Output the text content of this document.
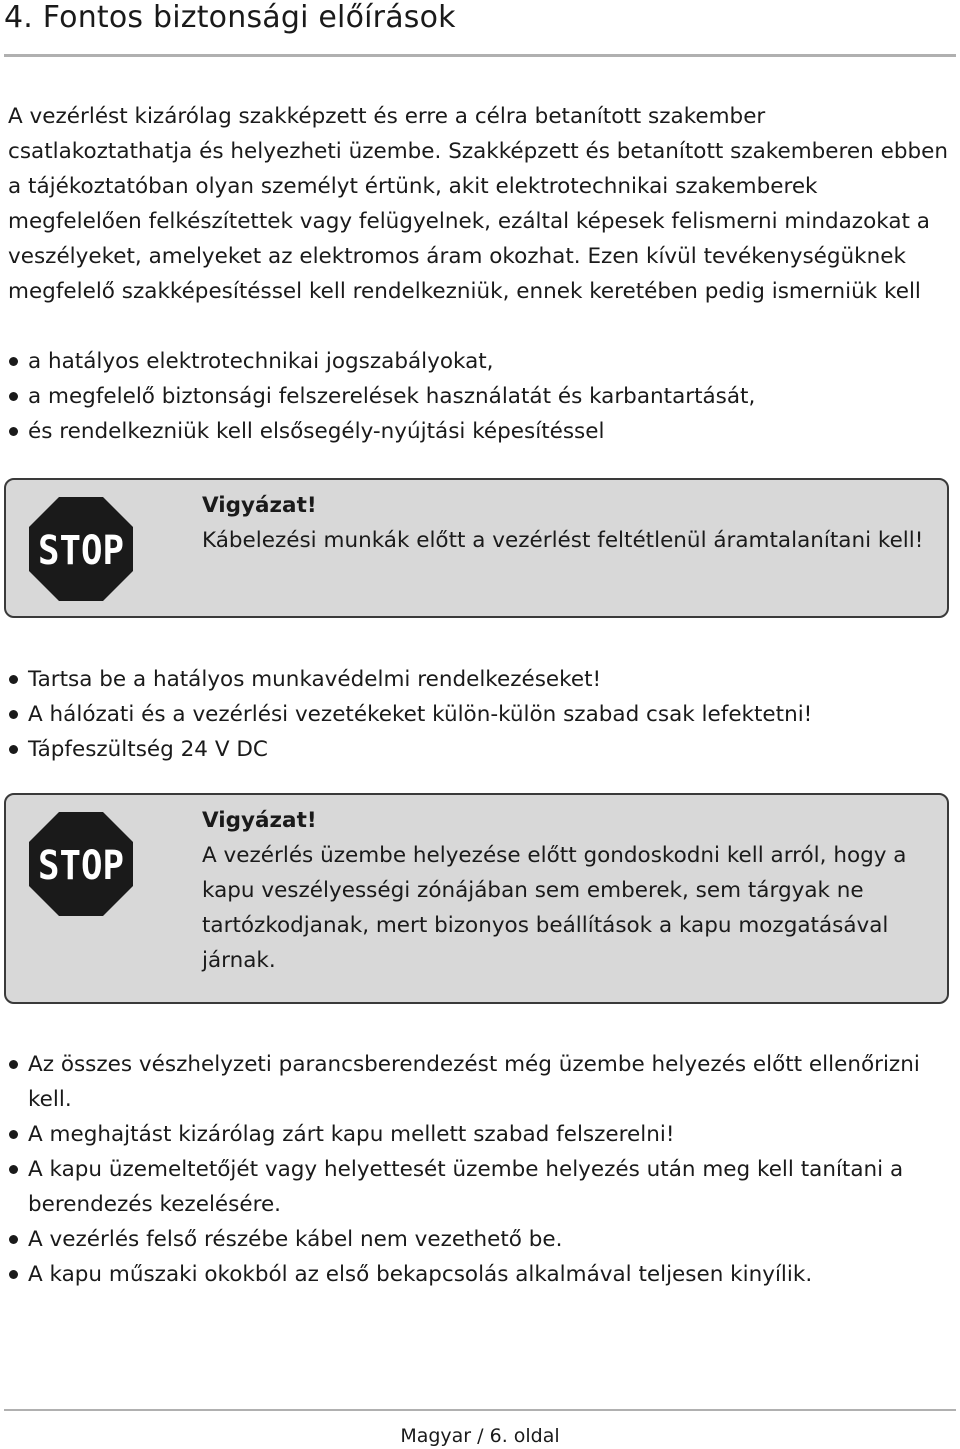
4. Fontos biztonsági előírások

A vezérlést kizárólag szakképzett és erre a célra betanított szakember csatlakoztathatja és helyezheti üzembe. Szakképzett és betanított szakemberen ebben a tájékoztatóban olyan személyt értünk, akit elektrotechnikai szakemberek megfelelően felkészítettek vagy felügyelnek, ezáltal képesek felismerni mindazokat a veszélyeket, amelyeket az elektromos áram okozhat. Ezen kívül tevékenységüknek megfelelő szakképesítéssel kell rendelkezniük, ennek keretében pedig ismerniük kell

a hatályos elektrotechnikai jogszabályokat,
a megfelelő biztonsági felszerelések használatát és karbantartását,
és rendelkezniük kell elsősegély-nyújtási képesítéssel
STOP
Vigyázat!
Kábelezési munkák előtt a vezérlést feltétlenül áramtalanítani kell!
Tartsa be a hatályos munkavédelmi rendelkezéseket!
A hálózati és a vezérlési vezetékeket külön-külön szabad csak lefektetni!
Tápfeszültség 24 V DC
STOP
Vigyázat!
A vezérlés üzembe helyezése előtt gondoskodni kell arról, hogy a kapu veszélyességi zónájában sem emberek, sem tárgyak ne tartózkodjanak, mert bizonyos beállítások a kapu mozgatásával járnak.
Az összes vészhelyzeti parancsberendezést még üzembe helyezés előtt ellenőrizni kell.
A meghajtást kizárólag zárt kapu mellett szabad felszerelni!
A kapu üzemeltetőjét vagy helyettesét üzembe helyezés után meg kell tanítani a berendezés kezelésére.
A vezérlés felső részébe kábel nem vezethető be.
A kapu műszaki okokból az első bekapcsolás alkalmával teljesen kinyílik.
Magyar / 6. oldal
